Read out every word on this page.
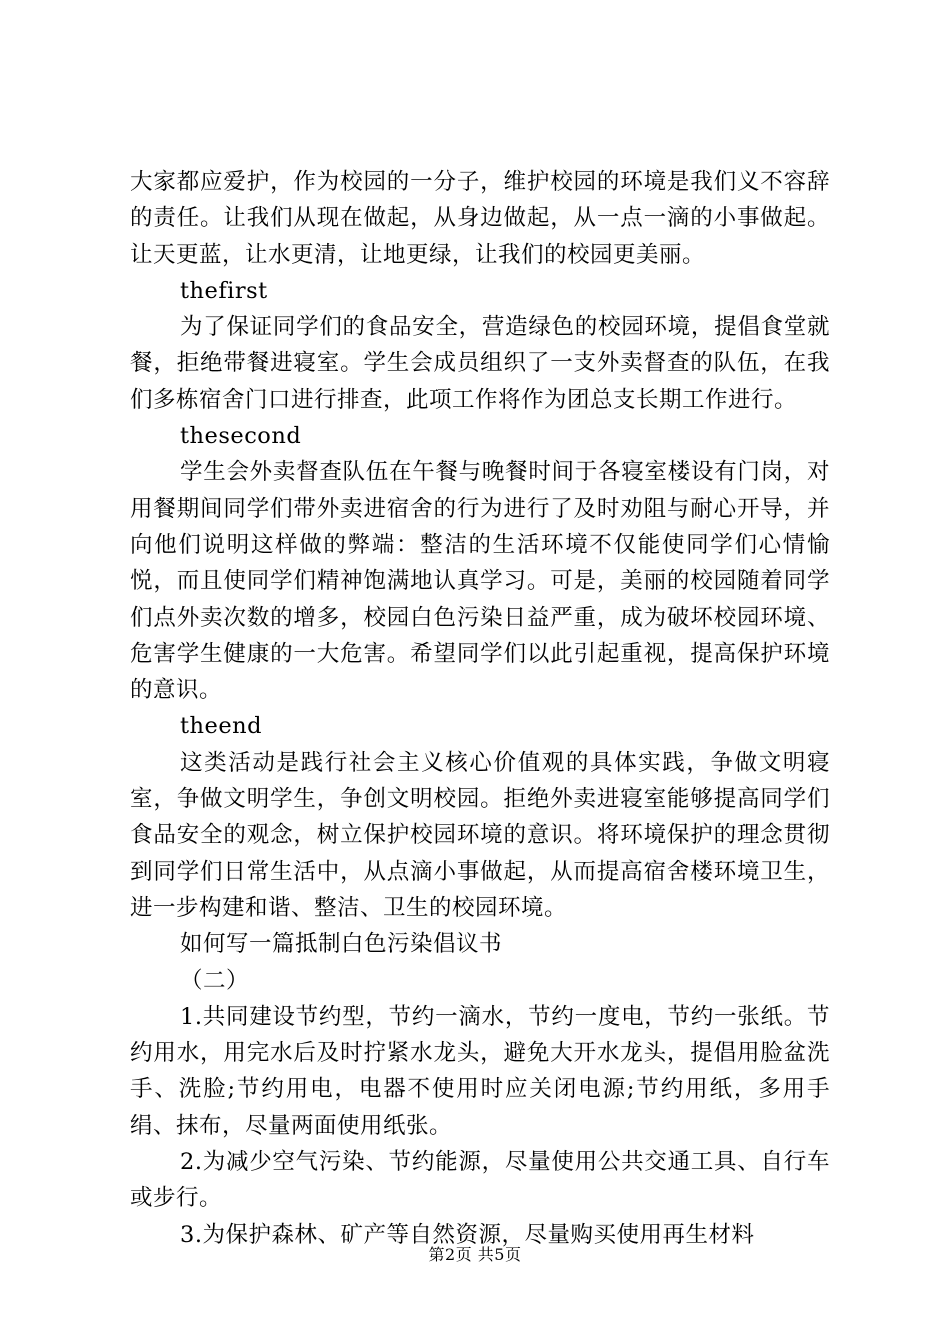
大家都应爱护，作为校园的一分子，维护校园的环境是我们义不容辞的责任。让我们从现在做起，从身边做起，从一点一滴的小事做起。让天更蓝，让水更清，让地更绿，让我们的校园更美丽。

thefirst

为了保证同学们的食品安全，营造绿色的校园环境，提倡食堂就餐，拒绝带餐进寝室。学生会成员组织了一支外卖督查的队伍，在我们多栋宿舍门口进行排查，此项工作将作为团总支长期工作进行。

thesecond

学生会外卖督查队伍在午餐与晚餐时间于各寝室楼设有门岗，对用餐期间同学们带外卖进宿舍的行为进行了及时劝阻与耐心开导，并向他们说明这样做的弊端：整洁的生活环境不仅能使同学们心情愉悦，而且使同学们精神饱满地认真学习。可是，美丽的校园随着同学们点外卖次数的增多，校园白色污染日益严重，成为破坏校园环境、危害学生健康的一大危害。希望同学们以此引起重视，提高保护环境的意识。

theend

这类活动是践行社会主义核心价值观的具体实践，争做文明寝室，争做文明学生，争创文明校园。拒绝外卖进寝室能够提高同学们食品安全的观念，树立保护校园环境的意识。将环境保护的理念贯彻到同学们日常生活中，从点滴小事做起，从而提高宿舍楼环境卫生，进一步构建和谐、整洁、卫生的校园环境。

如何写一篇抵制白色污染倡议书

（二）

1.共同建设节约型，节约一滴水，节约一度电，节约一张纸。节约用水，用完水后及时拧紧水龙头，避免大开水龙头，提倡用脸盆洗手、洗脸;节约用电，电器不使用时应关闭电源;节约用纸，多用手绢、抹布，尽量两面使用纸张。

2.为减少空气污染、节约能源，尽量使用公共交通工具、自行车或步行。

3.为保护森林、矿产等自然资源，尽量购买使用再生材料

第2页 共5页
